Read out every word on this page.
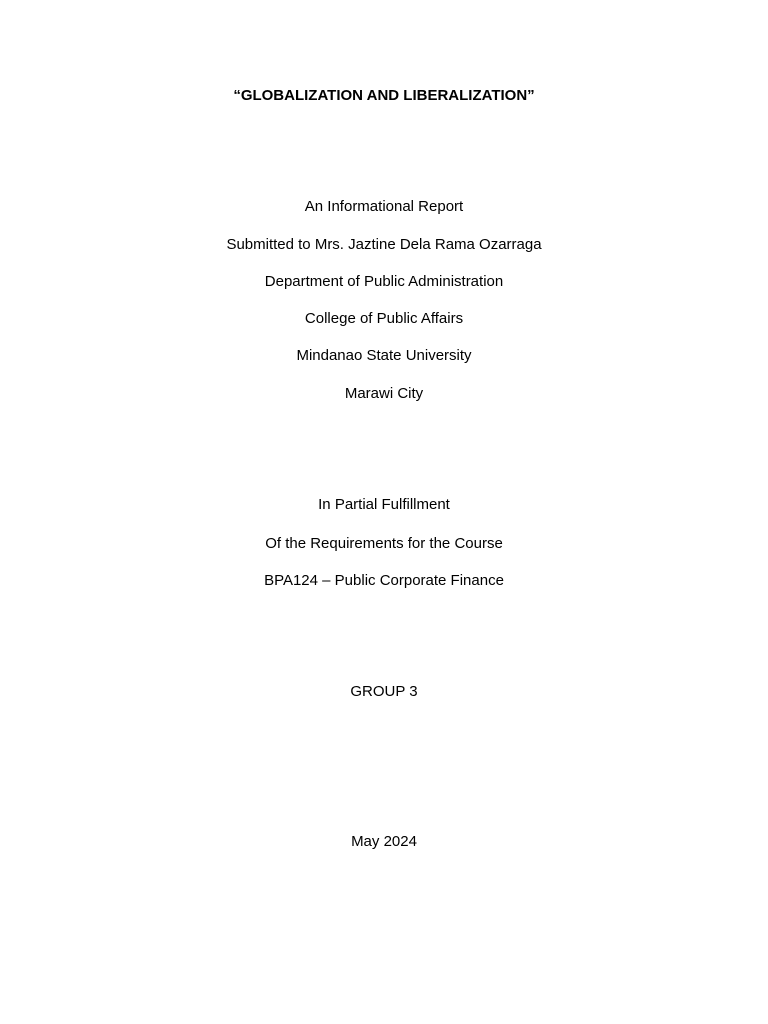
“GLOBALIZATION AND LIBERALIZATION”
An Informational Report
Submitted to Mrs. Jaztine Dela Rama Ozarraga
Department of Public Administration
College of Public Affairs
Mindanao State University
Marawi City
In Partial Fulfillment
Of the Requirements for the Course
BPA124 – Public Corporate Finance
GROUP 3
May 2024
